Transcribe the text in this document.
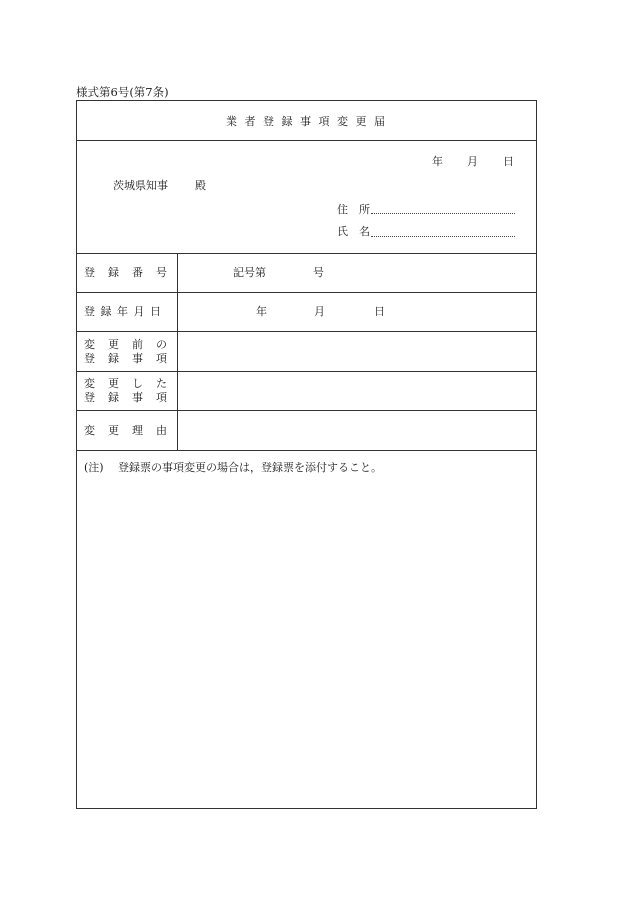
様式第6号(第7条)
業 者 登 録 事 項 変 更 届
年 月 日
茨城県知事 殿
住　所
氏　名
登　録　番　号	記号第	号
登 録 年 月 日	年	月	日
変　更　前　の
登　録　事　項
変　更　し　た
登　録　事　項
変　更　理　由
(注) 登録票の事項変更の場合は，登録票を添付すること。
